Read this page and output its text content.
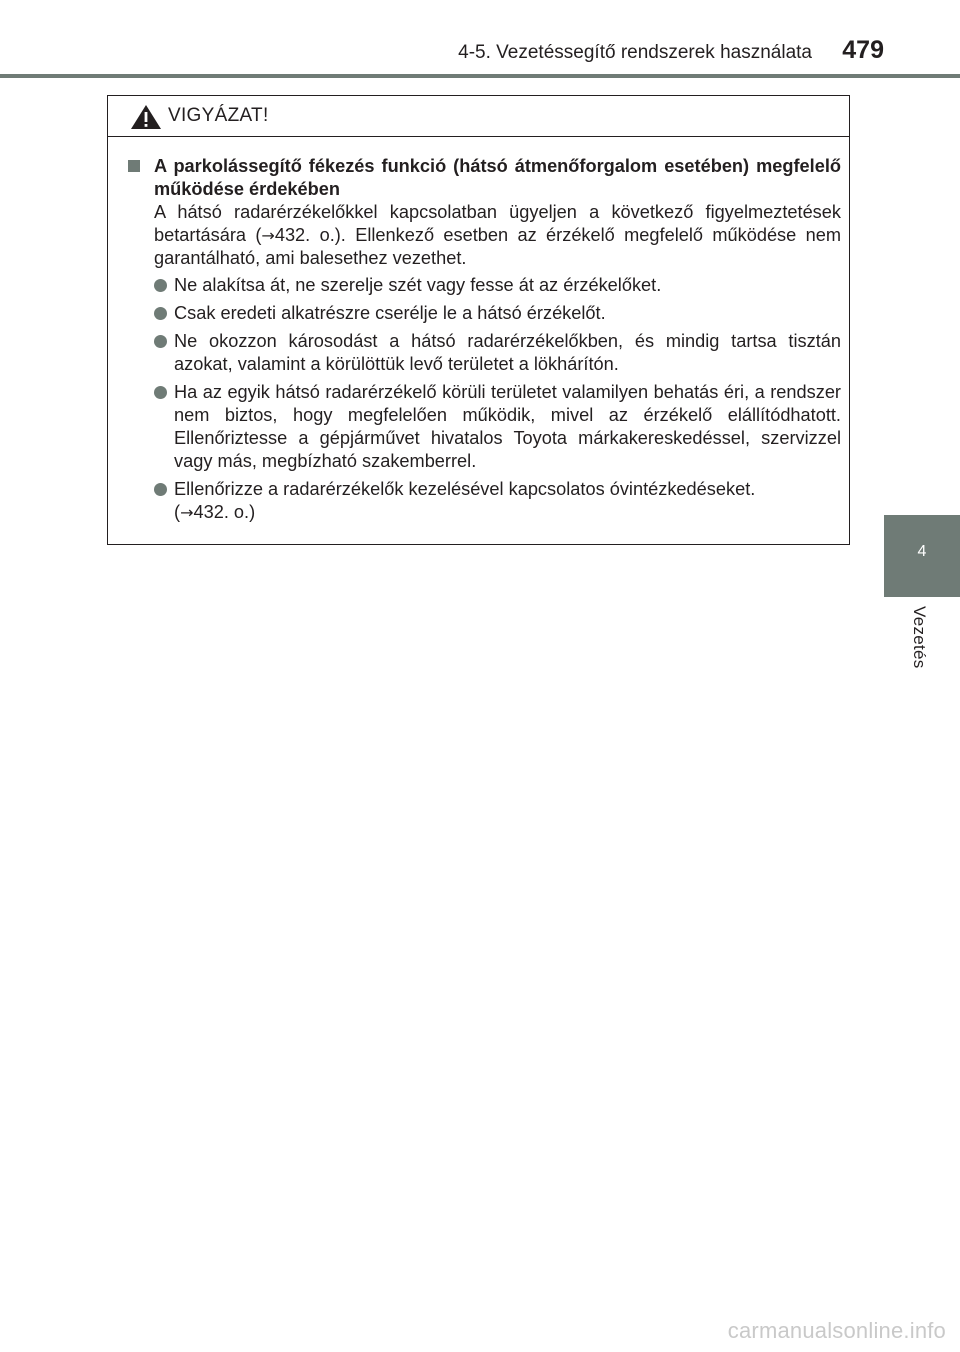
4-5. Vezetéssegítő rendszerek használata 479
4
Vezetés
VIGYÁZAT!
A parkolássegítő fékezés funkció (hátsó átmenőforgalom esetében) megfelelő működése érdekében
A hátsó radarérzékelőkkel kapcsolatban ügyeljen a következő figyelmeztetések betartására (→432. o.). Ellenkező esetben az érzékelő megfelelő működése nem garantálható, ami balesethez vezethet.
Ne alakítsa át, ne szerelje szét vagy fesse át az érzékelőket.
Csak eredeti alkatrészre cserélje le a hátsó érzékelőt.
Ne okozzon károsodást a hátsó radarérzékelőkben, és mindig tartsa tisztán azokat, valamint a körülöttük levő területet a lökhárítón.
Ha az egyik hátsó radarérzékelő körüli területet valamilyen behatás éri, a rendszer nem biztos, hogy megfelelően működik, mivel az érzékelő elállítódhatott. Ellenőriztesse a gépjárművet hivatalos Toyota márkakereskedéssel, szervizzel vagy más, megbízható szakemberrel.
Ellenőrizze a radarérzékelők kezelésével kapcsolatos óvintézkedéseket.
(→432. o.)
carmanualsonline.info
